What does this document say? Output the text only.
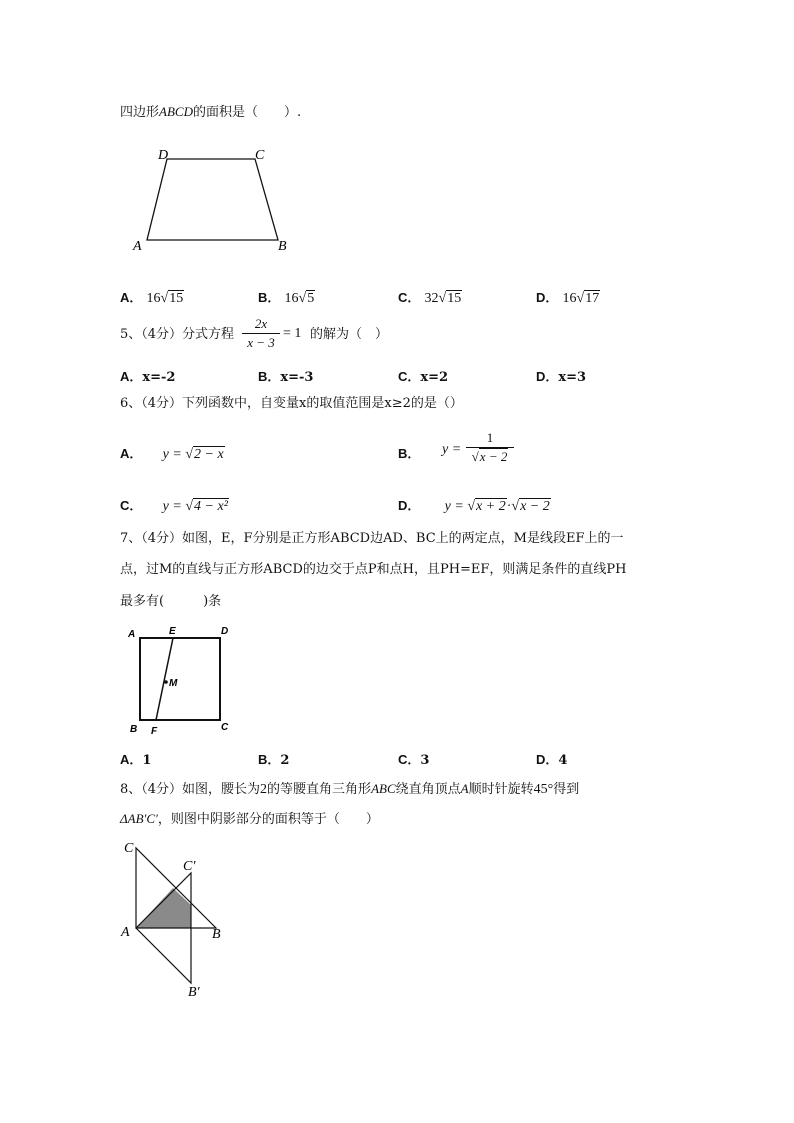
四边形ABCD的面积是（　　）.
D	C
A	B
A． 16√15	B． 16√5	C． 32√15	D． 16√17
5、（4分）分式方程 $\frac{2x}{x - 3} = 1$ 的解为（　）
A．x=-2	B．x=-3	C．x=2	D．x=3
6、（4分）下列函数中，自变量x的取值范围是x≥2的是（）
A． y = √2 − x	B． $y = \frac{1}{√x - 2}$
C． y = √4 − x²	D． y = √x + 2·√x − 2
7、（4分）如图，E，F分别是正方形ABCD边AD、BC上的两定点，M是线段EF上的一
点，过M的直线与正方形ABCD的边交于点P和点H，且PH=EF，则满足条件的直线PH
最多有(　　　)条
A	E	D
M
B F	C
A．1	B．2	C．3	D．4
8、（4分）如图，腰长为2的等腰直角三角形ABC绕直角顶点A顺时针旋转45°得到
ΔAB′C′，则图中阴影部分的面积等于（　　）
C
C′
A	B
B′
